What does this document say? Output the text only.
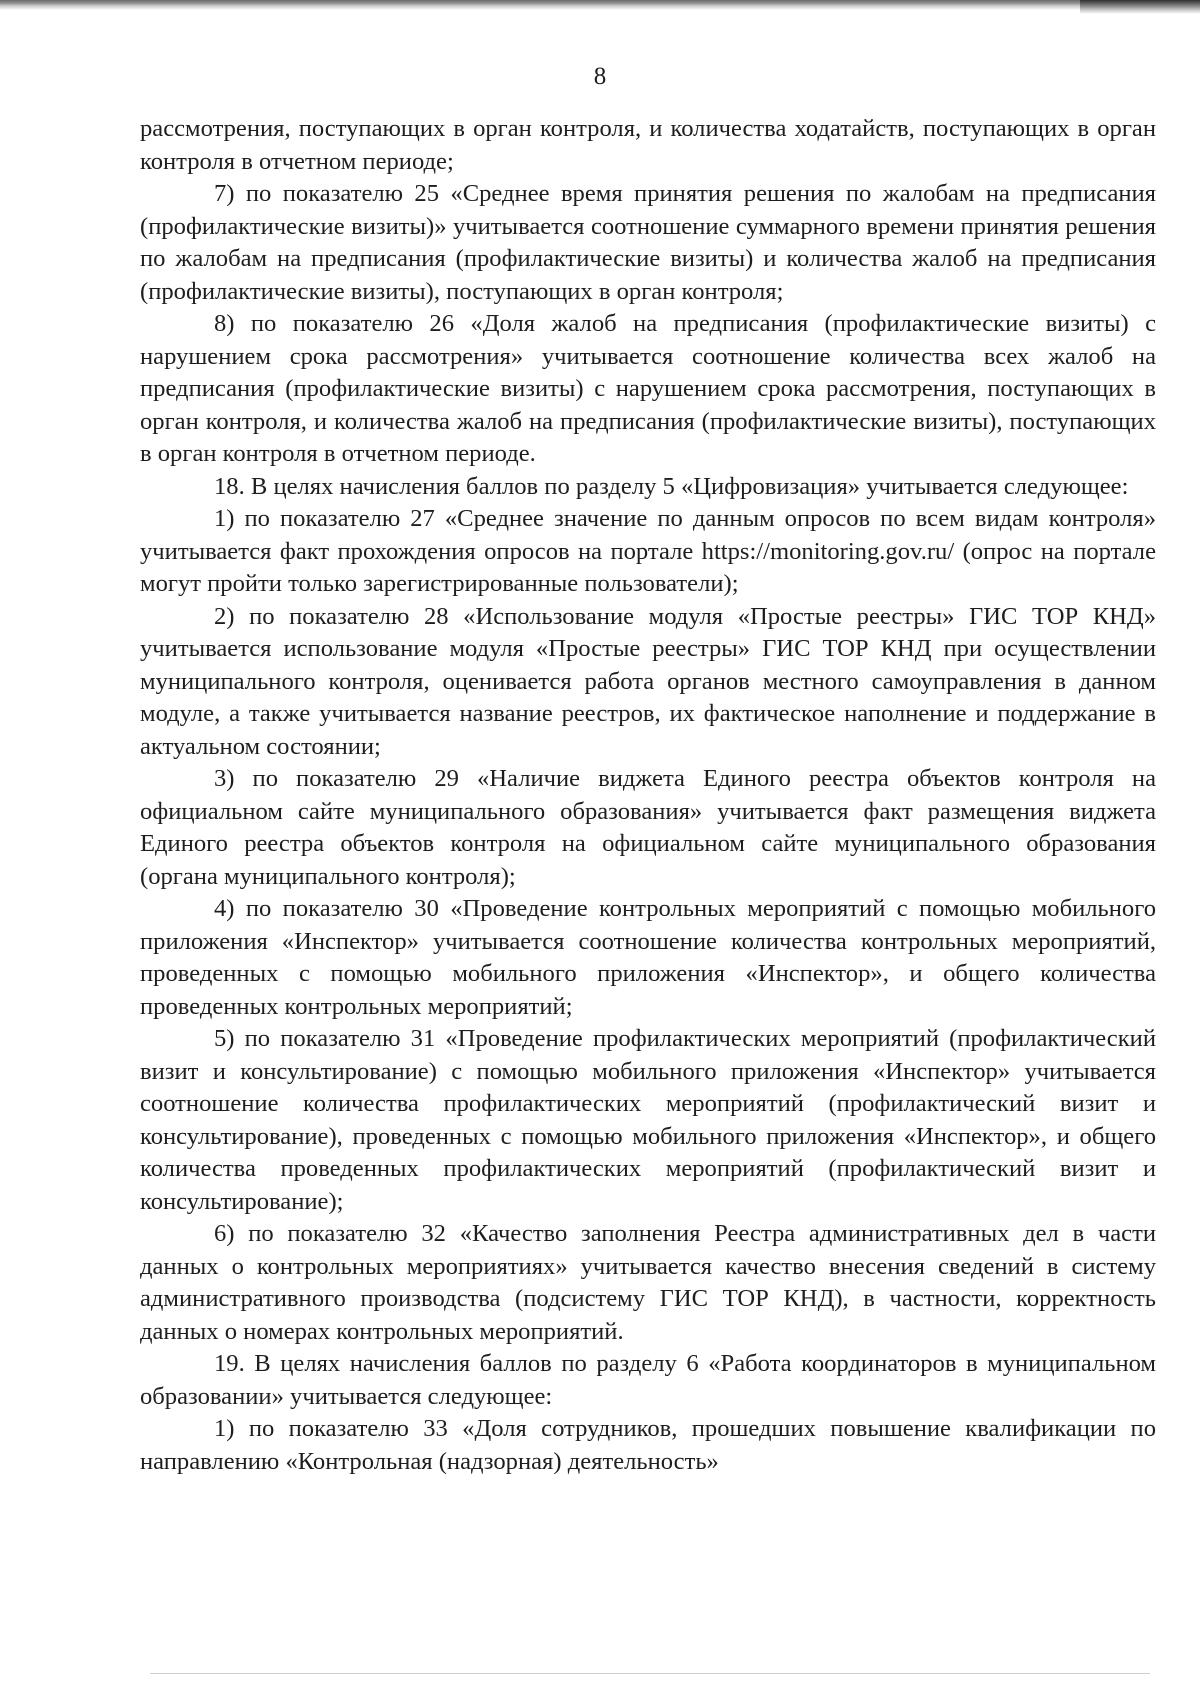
8

рассмотрения, поступающих в орган контроля, и количества ходатайств, поступающих в орган контроля в отчетном периоде;

7) по показателю 25 «Среднее время принятия решения по жалобам на предписания (профилактические визиты)» учитывается соотношение суммарного времени принятия решения по жалобам на предписания (профилактические визиты) и количества жалоб на предписания (профилактические визиты), поступающих в орган контроля;

8) по показателю 26 «Доля жалоб на предписания (профилактические визиты) с нарушением срока рассмотрения» учитывается соотношение количества всех жалоб на предписания (профилактические визиты) с нарушением срока рассмотрения, поступающих в орган контроля, и количества жалоб на предписания (профилактические визиты), поступающих в орган контроля в отчетном периоде.

18. В целях начисления баллов по разделу 5 «Цифровизация» учитывается следующее:

1) по показателю 27 «Среднее значение по данным опросов по всем видам контроля» учитывается факт прохождения опросов на портале https://monitoring.gov.ru/ (опрос на портале могут пройти только зарегистрированные пользователи);

2) по показателю 28 «Использование модуля «Простые реестры» ГИС ТОР КНД» учитывается использование модуля «Простые реестры» ГИС ТОР КНД при осуществлении муниципального контроля, оценивается работа органов местного самоуправления в данном модуле, а также учитывается название реестров, их фактическое наполнение и поддержание в актуальном состоянии;

3) по показателю 29 «Наличие виджета Единого реестра объектов контроля на официальном сайте муниципального образования» учитывается факт размещения виджета Единого реестра объектов контроля на официальном сайте муниципального образования (органа муниципального контроля);

4) по показателю 30 «Проведение контрольных мероприятий с помощью мобильного приложения «Инспектор» учитывается соотношение количества контрольных мероприятий, проведенных с помощью мобильного приложения «Инспектор», и общего количества проведенных контрольных мероприятий;

5) по показателю 31 «Проведение профилактических мероприятий (профилактический визит и консультирование) с помощью мобильного приложения «Инспектор» учитывается соотношение количества профилактических мероприятий (профилактический визит и консультирование), проведенных с помощью мобильного приложения «Инспектор», и общего количества проведенных профилактических мероприятий (профилактический визит и консультирование);

6) по показателю 32 «Качество заполнения Реестра административных дел в части данных о контрольных мероприятиях» учитывается качество внесения сведений в систему административного производства (подсистему ГИС ТОР КНД), в частности, корректность данных о номерах контрольных мероприятий.

19. В целях начисления баллов по разделу 6 «Работа координаторов в муниципальном образовании» учитывается следующее:

1) по показателю 33 «Доля сотрудников, прошедших повышение квалификации по направлению «Контрольная (надзорная) деятельность»
